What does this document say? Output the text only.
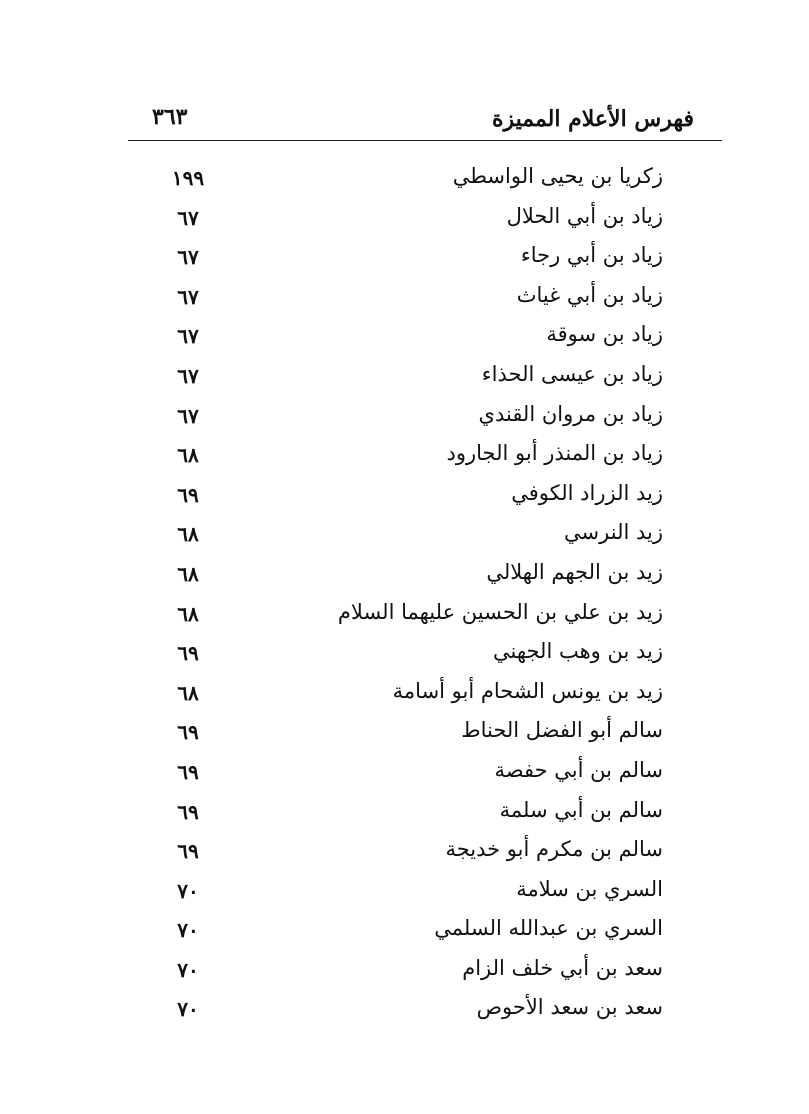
فهرس الأعلام المميزة
٣٦٣
زكريا بن يحيى الواسطي
١٩٩
زياد بن أبي الحلال
٦٧
زياد بن أبي رجاء
٦٧
زياد بن أبي غياث
٦٧
زياد بن سوقة
٦٧
زياد بن عيسى الحذاء
٦٧
زياد بن مروان القندي
٦٧
زياد بن المنذر أبو الجارود
٦٨
زيد الزراد الكوفي
٦٩
زيد النرسي
٦٨
زيد بن الجهم الهلالي
٦٨
زيد بن علي بن الحسين عليهما السلام
٦٨
زيد بن وهب الجهني
٦٩
زيد بن يونس الشحام أبو أسامة
٦٨
سالم أبو الفضل الحناط
٦٩
سالم بن أبي حفصة
٦٩
سالم بن أبي سلمة
٦٩
سالم بن مكرم أبو خديجة
٦٩
السري بن سلامة
٧٠
السري بن عبدالله السلمي
٧٠
سعد بن أبي خلف الزام
٧٠
سعد بن سعد الأحوص
٧٠
